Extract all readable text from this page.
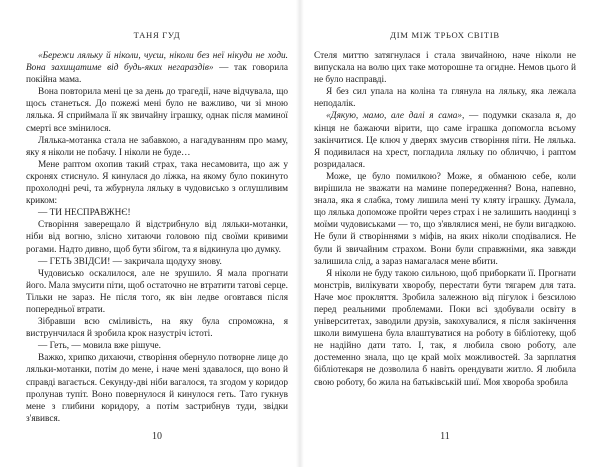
ТАНЯ ГУД

«Бережи ляльку й ніколи, чуєш, ніколи без неї нікуди не ходи. Вона захищатиме від будь-яких негараздів» — так говорила покійна мама.

Вона повторила мені це за день до трагедії, наче відчувала, що щось станеться. До пожежі мені було не важливо, чи зі мною лялька. Я сприймала її як звичайну іграшку, однак після маминої смерті все змінилося.

Лялька-мотанка стала не забавкою, а нагадуванням про маму, яку я ніколи не побачу. І ніколи не буде…

Мене раптом охопив такий страх, така несамовита, що аж у скронях стиснуло. Я кинулася до ліжка, на якому було покинуто прохолодні речі, та жбурнула ляльку в чудовисько з оглушливим криком:

— ТИ НЕСПРАВЖНЄ!

Створіння заверещало й відстрибнуло від ляльки-мотанки, ніби від вогню, злісно хитаючи головою під своїми кривими рогами. Надто дивно, щоб бути збігом, та я відкинула цю думку.

— ГЕТЬ ЗВІДСИ! — закричала щодуху знову.

Чудовисько оскалилося, але не зрушило. Я мала прогнати його. Мала змусити піти, щоб остаточно не втратити татові серце. Тільки не зараз. Не після того, як він ледве оговтався після попередньої втрати.

Зібравши всю сміливість, на яку була спроможна, я виструнчилася й зробила крок назустріч істоті.

— Геть, — мовила вже рішуче.

Важко, хрипко дихаючи, створіння обернуло потворне лице до ляльки-мотанки, потім до мене, і наче мені здавалося, що воно й справді вагається. Секунду-дві ніби вагалося, та згодом у коридор пролунав тупіт. Воно повернулося й кинулося геть. Тато гукнув мене з глибини коридору, а потім застрибнув туди, звідки з'явився.

10
ДІМ МІЖ ТРЬОХ СВІТІВ

Стеля миттю затягнулася і стала звичайною, наче ніколи не випускала на волю цих таке моторошне та огидне. Немов цього й не було насправді.

Я без сил упала на коліна та глянула на ляльку, яка лежала неподалік.

«Дякую, мамо, але далі я сама», — подумки сказала я, до кінця не бажаючи вірити, що саме іграшка допомогла всьому закінчитися. Це ключ у дверях змусив створіння піти. Не лялька. Я подивилася на хрест, погладила ляльку по обличчю, і раптом розридалася.

Може, це було помилкою? Може, я обманюю себе, коли вирішила не зважати на мамине попередження? Вона, напевно, знала, яка я слабка, тому лишила мені ту кляту іграшку. Думала, що лялька допоможе пройти через страх і не залишить наодинці з моїми чудовиськами — то, що з'являлися мені, не були вигадкою. Не були й створіннями з міфів, на яких ніколи сподівалися. Не були й звичайним страхом. Вони були справжніми, яка завжди залишила слід, а зараз намагалася мене вбити.

Я ніколи не буду такою сильною, щоб приборкати її. Прогнати монстрів, вилікувати хворобу, перестати бути тягарем для тата. Наче моє прокляття. Зробила залежною від пігулок і безсилою перед реальними проблемами. Поки всі здобували освіту в університетах, заводили друзів, закохувалися, я після закінчення школи вимушена була влаштуватися на роботу в бібліотеку, щоб не надійно дати тато. І, так, я любила свою роботу, але достеменно знала, що це край моїх можливостей. За зарплатня бібліотекаря не дозволила б навіть орендувати житло. Я любила свою роботу, бо жила на батьківській шиї. Моя хвороба зробила

11
